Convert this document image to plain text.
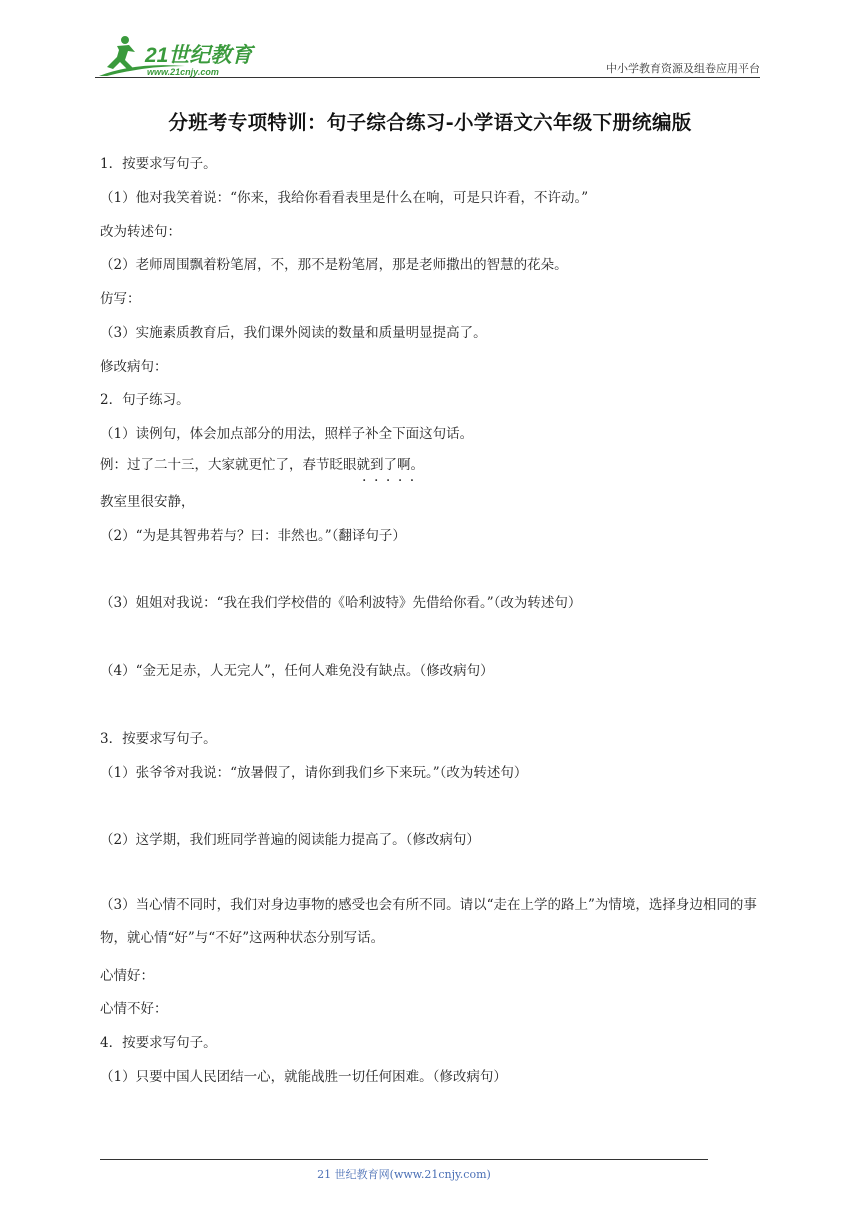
21世纪教育
www.21cnjy.com	中小学教育资源及组卷应用平台
分班考专项特训：句子综合练习-小学语文六年级下册统编版
1．按要求写句子。
（1）他对我笑着说：“你来，我给你看看表里是什么在响，可是只许看，不许动。”
改为转述句：
（2）老师周围飘着粉笔屑，不，那不是粉笔屑，那是老师撒出的智慧的花朵。
仿写：
（3）实施素质教育后，我们课外阅读的数量和质量明显提高了。
修改病句：
2．句子练习。
（1）读例句，体会加点部分的用法，照样子补全下面这句话。
例：过了二十三，大家就更忙了，春节眨眼就到了啊。
·····
教室里很安静，
（2）“为是其智弗若与？曰：非然也。”（翻译句子）
（3）姐姐对我说：“我在我们学校借的《哈利波特》先借给你看。”（改为转述句）
（4）“金无足赤，人无完人”，任何人难免没有缺点。（修改病句）
3．按要求写句子。
（1）张爷爷对我说：“放暑假了，请你到我们乡下来玩。”（改为转述句）
（2）这学期，我们班同学普遍的阅读能力提高了。（修改病句）
（3）当心情不同时，我们对身边事物的感受也会有所不同。请以“走在上学的路上”为情境，选择身边相同的事物，就心情“好”与“不好”这两种状态分别写话。
心情好：
心情不好：
4．按要求写句子。
（1）只要中国人民团结一心，就能战胜一切任何困难。（修改病句）
21 世纪教育网(www.21cnjy.com)
